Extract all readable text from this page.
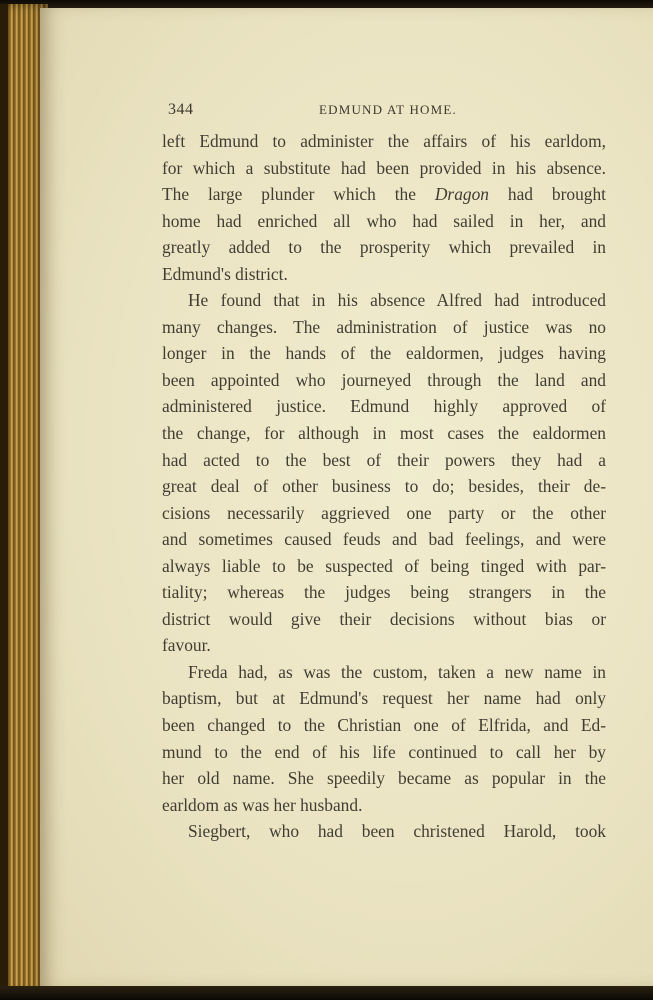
344	EDMUND AT HOME.
left Edmund to administer the affairs of his earldom,
for which a substitute had been provided in his absence.
The large plunder which the Dragon had brought
home had enriched all who had sailed in her, and
greatly added to the prosperity which prevailed in
Edmund's district.
He found that in his absence Alfred had introduced
many changes. The administration of justice was no
longer in the hands of the ealdormen, judges having
been appointed who journeyed through the land and
administered justice. Edmund highly approved of
the change, for although in most cases the ealdormen
had acted to the best of their powers they had a
great deal of other business to do; besides, their de-
cisions necessarily aggrieved one party or the other
and sometimes caused feuds and bad feelings, and were
always liable to be suspected of being tinged with par-
tiality; whereas the judges being strangers in the
district would give their decisions without bias or
favour.
Freda had, as was the custom, taken a new name in
baptism, but at Edmund's request her name had only
been changed to the Christian one of Elfrida, and Ed-
mund to the end of his life continued to call her by
her old name. She speedily became as popular in the
earldom as was her husband.
Siegbert, who had been christened Harold, took
